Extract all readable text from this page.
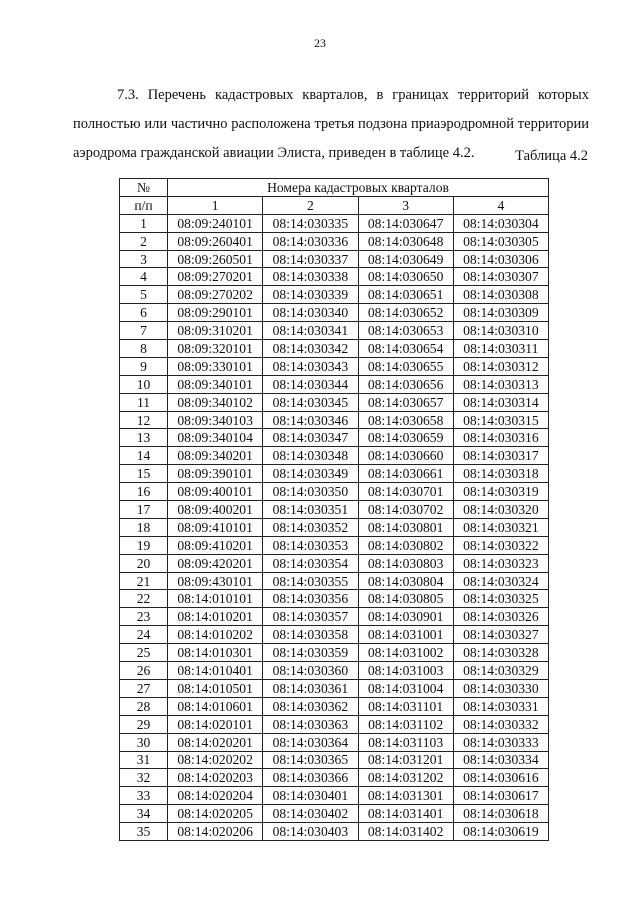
23

7.3. Перечень кадастровых кварталов, в границах территорий которых полностью или частично расположена третья подзона приаэродромной территории аэродрома гражданской авиации Элиста, приведен в таблице 4.2.	Таблица 4.2
№	Номера кадастровых кварталов			
п/п	1	2	3	4
1	08:09:240101	08:14:030335	08:14:030647	08:14:030304
2	08:09:260401	08:14:030336	08:14:030648	08:14:030305
3	08:09:260501	08:14:030337	08:14:030649	08:14:030306
4	08:09:270201	08:14:030338	08:14:030650	08:14:030307
5	08:09:270202	08:14:030339	08:14:030651	08:14:030308
6	08:09:290101	08:14:030340	08:14:030652	08:14:030309
7	08:09:310201	08:14:030341	08:14:030653	08:14:030310
8	08:09:320101	08:14:030342	08:14:030654	08:14:030311
9	08:09:330101	08:14:030343	08:14:030655	08:14:030312
10	08:09:340101	08:14:030344	08:14:030656	08:14:030313
11	08:09:340102	08:14:030345	08:14:030657	08:14:030314
12	08:09:340103	08:14:030346	08:14:030658	08:14:030315
13	08:09:340104	08:14:030347	08:14:030659	08:14:030316
14	08:09:340201	08:14:030348	08:14:030660	08:14:030317
15	08:09:390101	08:14:030349	08:14:030661	08:14:030318
16	08:09:400101	08:14:030350	08:14:030701	08:14:030319
17	08:09:400201	08:14:030351	08:14:030702	08:14:030320
18	08:09:410101	08:14:030352	08:14:030801	08:14:030321
19	08:09:410201	08:14:030353	08:14:030802	08:14:030322
20	08:09:420201	08:14:030354	08:14:030803	08:14:030323
21	08:09:430101	08:14:030355	08:14:030804	08:14:030324
22	08:14:010101	08:14:030356	08:14:030805	08:14:030325
23	08:14:010201	08:14:030357	08:14:030901	08:14:030326
24	08:14:010202	08:14:030358	08:14:031001	08:14:030327
25	08:14:010301	08:14:030359	08:14:031002	08:14:030328
26	08:14:010401	08:14:030360	08:14:031003	08:14:030329
27	08:14:010501	08:14:030361	08:14:031004	08:14:030330
28	08:14:010601	08:14:030362	08:14:031101	08:14:030331
29	08:14:020101	08:14:030363	08:14:031102	08:14:030332
30	08:14:020201	08:14:030364	08:14:031103	08:14:030333
31	08:14:020202	08:14:030365	08:14:031201	08:14:030334
32	08:14:020203	08:14:030366	08:14:031202	08:14:030616
33	08:14:020204	08:14:030401	08:14:031301	08:14:030617
34	08:14:020205	08:14:030402	08:14:031401	08:14:030618
35	08:14:020206	08:14:030403	08:14:031402	08:14:030619
